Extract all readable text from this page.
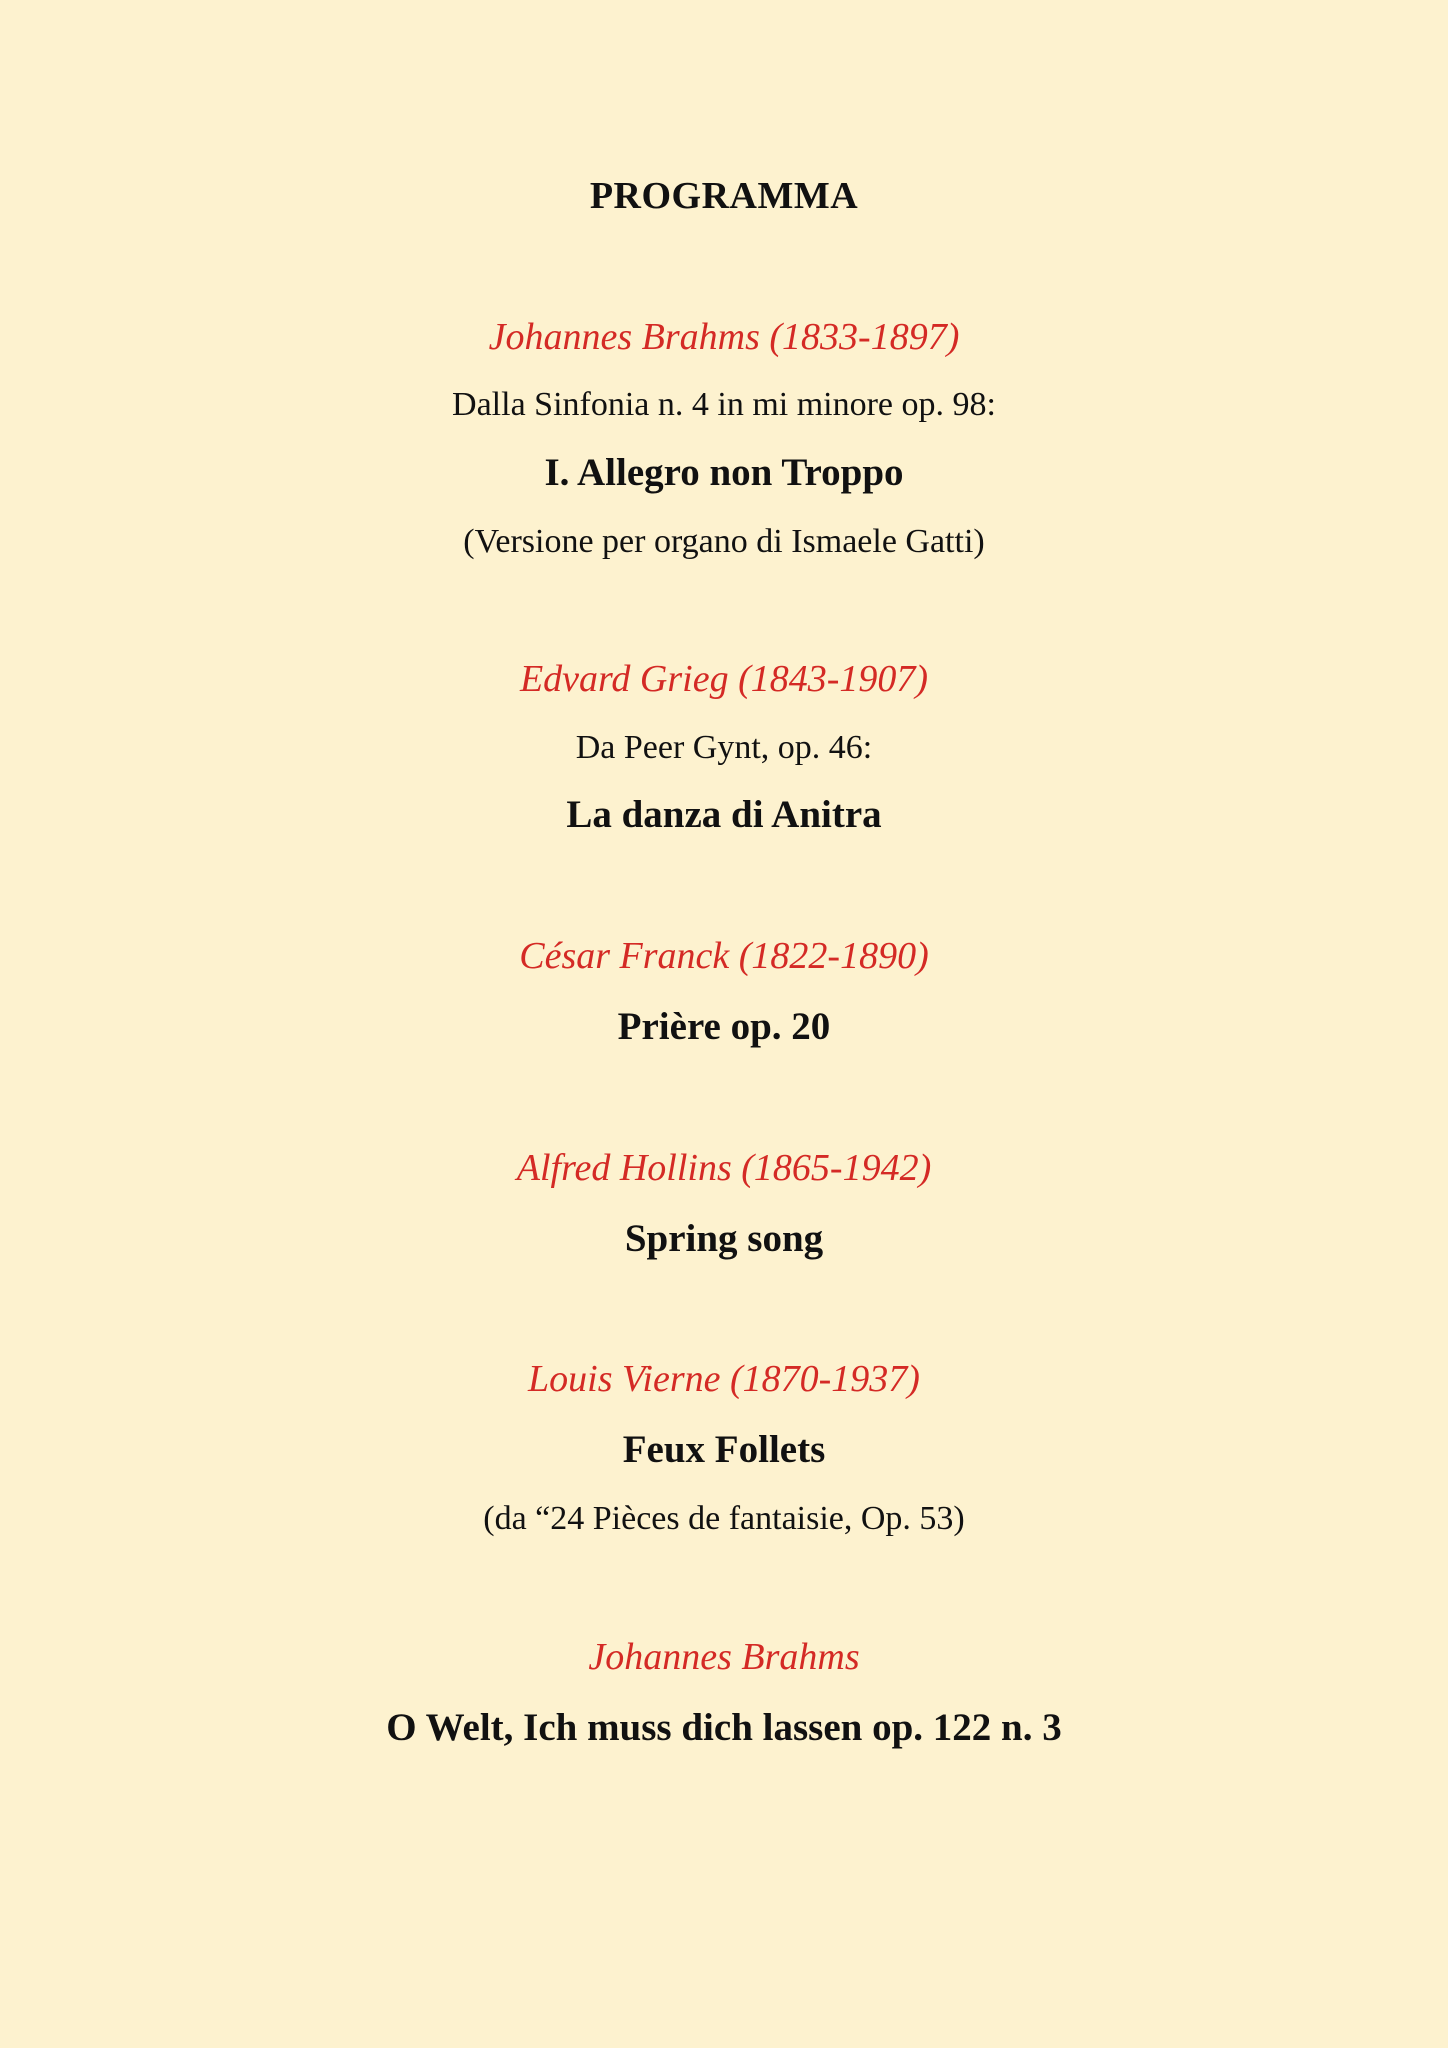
PROGRAMMA
Johannes Brahms (1833-1897)
Dalla Sinfonia n. 4 in mi minore op. 98:
I. Allegro non Troppo
(Versione per organo di Ismaele Gatti)
Edvard Grieg (1843-1907)
Da Peer Gynt, op. 46:
La danza di Anitra
César Franck (1822-1890)
Prière op. 20
Alfred Hollins (1865-1942)
Spring song
Louis Vierne (1870-1937)
Feux Follets
(da “24 Pièces de fantaisie, Op. 53)
Johannes Brahms
O Welt, Ich muss dich lassen op. 122 n. 3
